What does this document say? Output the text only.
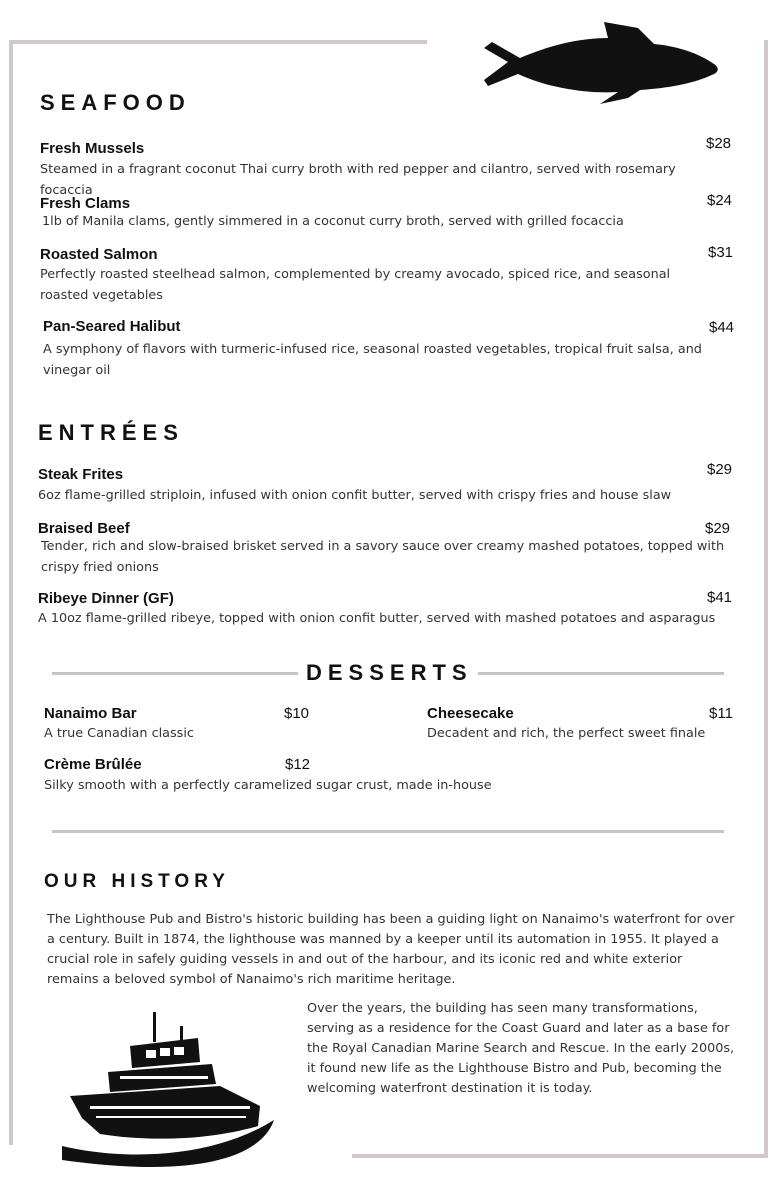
SEAFOOD
Fresh Mussels	$28
Steamed in a fragrant coconut Thai curry broth with red pepper and cilantro, served with rosemary focaccia
Fresh Clams	$24
1lb of Manila clams, gently simmered in a coconut curry broth, served with grilled focaccia
Roasted Salmon	$31
Perfectly roasted steelhead salmon, complemented by creamy avocado, spiced rice, and seasonal roasted vegetables
Pan-Seared Halibut	$44
A symphony of flavors with turmeric-infused rice, seasonal roasted vegetables, tropical fruit salsa, and vinegar oil
ENTRÉES
Steak Frites	$29
6oz flame-grilled striploin, infused with onion confit butter, served with crispy fries and house slaw
Braised Beef	$29
Tender, rich and slow-braised brisket served in a savory sauce over creamy mashed potatoes, topped with crispy fried onions
Ribeye Dinner (GF)	$41
A 10oz flame-grilled ribeye, topped with onion confit butter, served with mashed potatoes and asparagus
DESSERTS
Nanaimo Bar	$10
A true Canadian classic
Cheesecake	$11
Decadent and rich, the perfect sweet finale
Crème Brûlée	$12
Silky smooth with a perfectly caramelized sugar crust, made in-house
OUR HISTORY
The Lighthouse Pub and Bistro's historic building has been a guiding light on Nanaimo's waterfront for over a century. Built in 1874, the lighthouse was manned by a keeper until its automation in 1955. It played a crucial role in safely guiding vessels in and out of the harbour, and its iconic red and white exterior remains a beloved symbol of Nanaimo's rich maritime heritage.
Over the years, the building has seen many transformations, serving as a residence for the Coast Guard and later as a base for the Royal Canadian Marine Search and Rescue. In the early 2000s, it found new life as the Lighthouse Bistro and Pub, becoming the welcoming waterfront destination it is today.
